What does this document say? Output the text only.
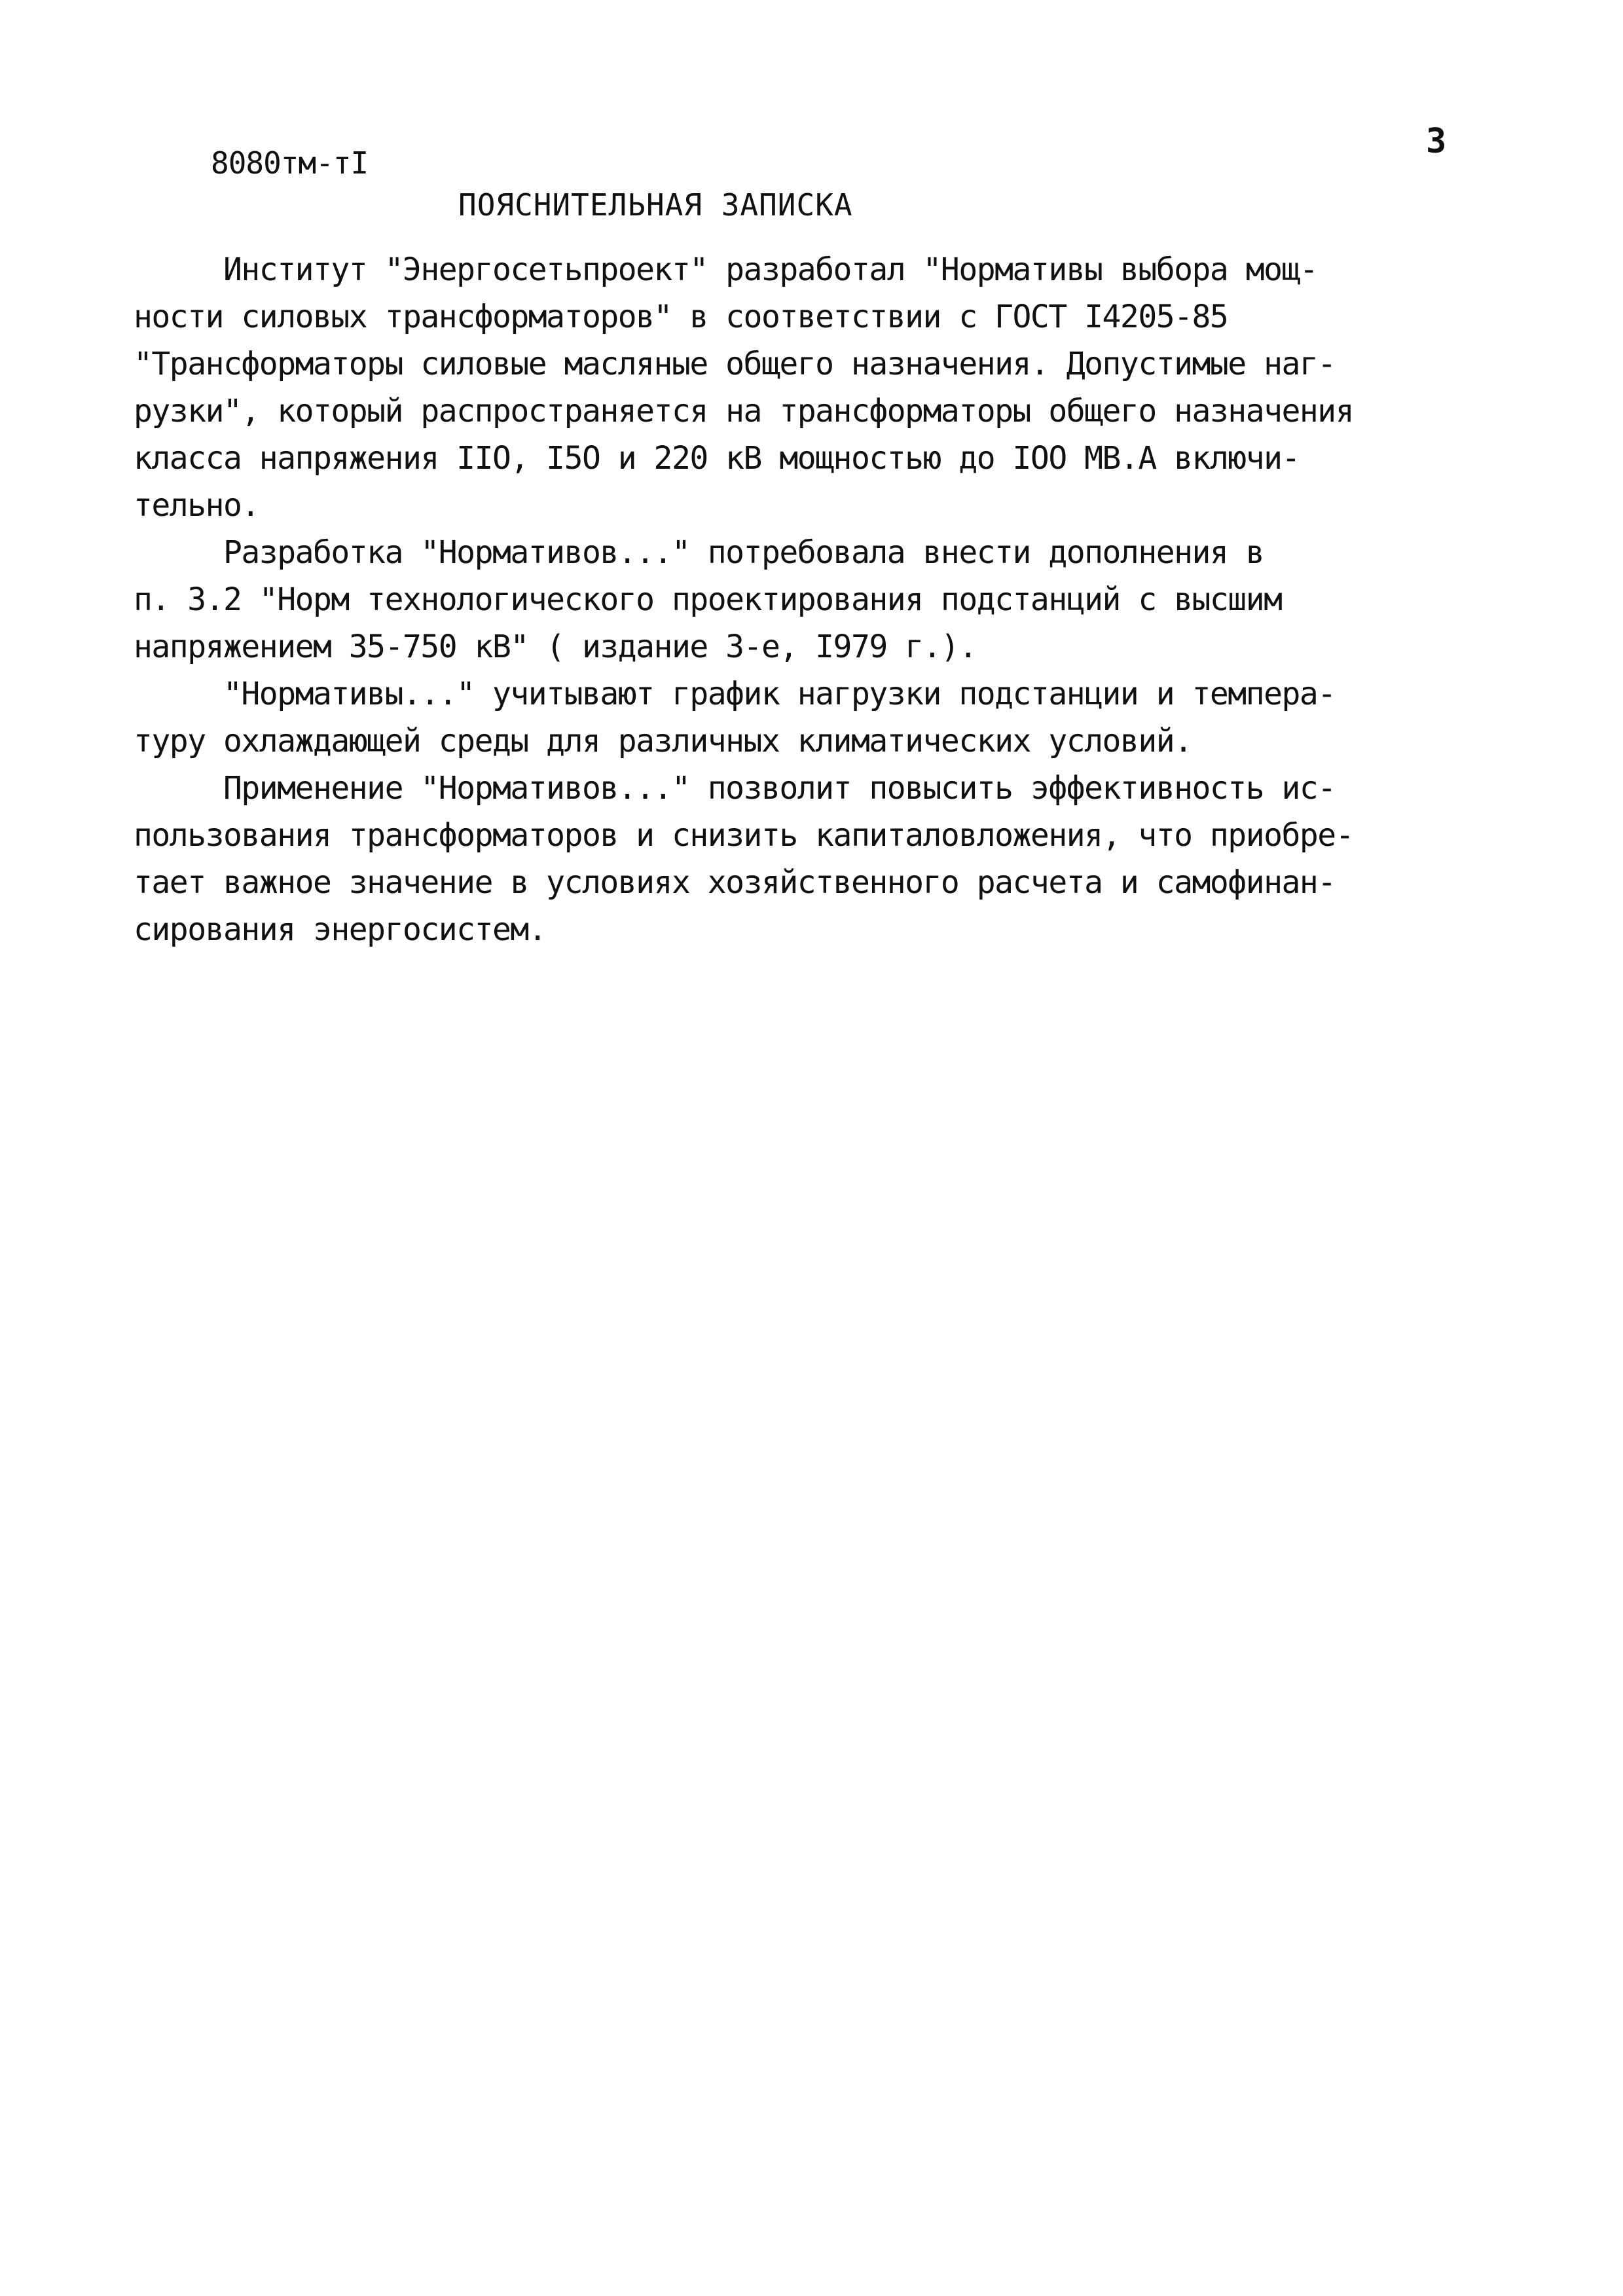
8080тм-тI
3
ПОЯСНИТЕЛЬНАЯ ЗАПИСКА
Институт "Энергосетьпроект" разработал "Нормативы выбора мощ-
ности силовых трансформаторов" в соответствии с ГОСТ I4205-85
"Трансформаторы силовые масляные общего назначения. Допустимые наг-
рузки", который распространяется на трансформаторы общего назначения
класса напряжения IIО, I5О и 220 кВ мощностью до IОО МВ.А включи-
тельно.
Разработка "Нормативов..." потребовала внести дополнения в
п. 3.2 "Норм технологического проектирования подстанций с высшим
напряжением 35-750 кВ" ( издание 3-е, I979 г.).
"Нормативы..." учитывают график нагрузки подстанции и темпера-
туру охлаждающей среды для различных климатических условий.
Применение "Нормативов..." позволит повысить эффективность ис-
пользования трансформаторов и снизить капиталовложения, что приобре-
тает важное значение в условиях хозяйственного расчета и самофинан-
сирования энергосистем.
